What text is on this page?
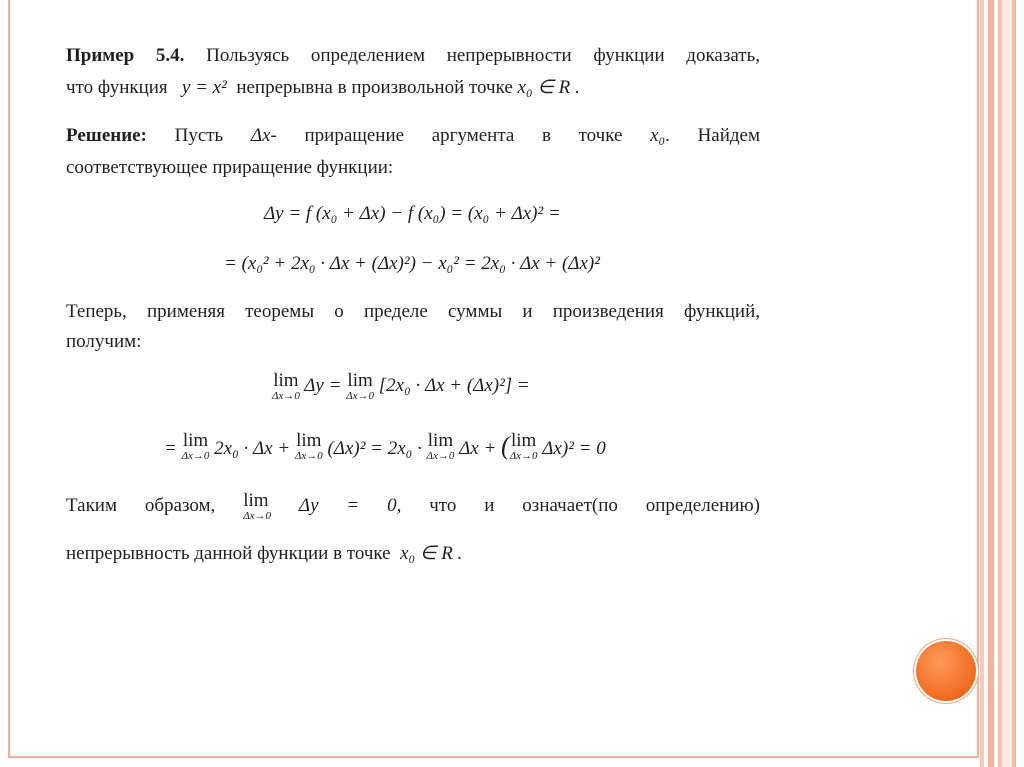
Пример 5.4. Пользуясь определением непрерывности функции доказать,
что функция y = x² непрерывна в произвольной точке x₀ ∈ R .
Решение: Пусть Δx- приращение аргумента в точке x₀. Найдем
соответствующее приращение функции:
Δy = f (x₀ + Δx) − f (x₀) = (x₀ + Δx)² =
= (x₀² + 2x₀ · Δx + (Δx)²) − x₀² = 2x₀ · Δx + (Δx)²
Теперь, применяя теоремы о пределе суммы и произведения функций,
получим:
lim
Δx→0 Δy = lim
Δx→0 [2x₀ · Δx + (Δx)²] =
= lim
Δx→0 2x₀ · Δx + lim
Δx→0 (Δx)² = 2x₀ · lim
Δx→0 Δx + (lim
Δx→0 Δx)² = 0
Таким образом, lim
Δx→0 Δy = 0, что и означает(по определению)
непрерывность данной функции в точке x₀ ∈ R .
